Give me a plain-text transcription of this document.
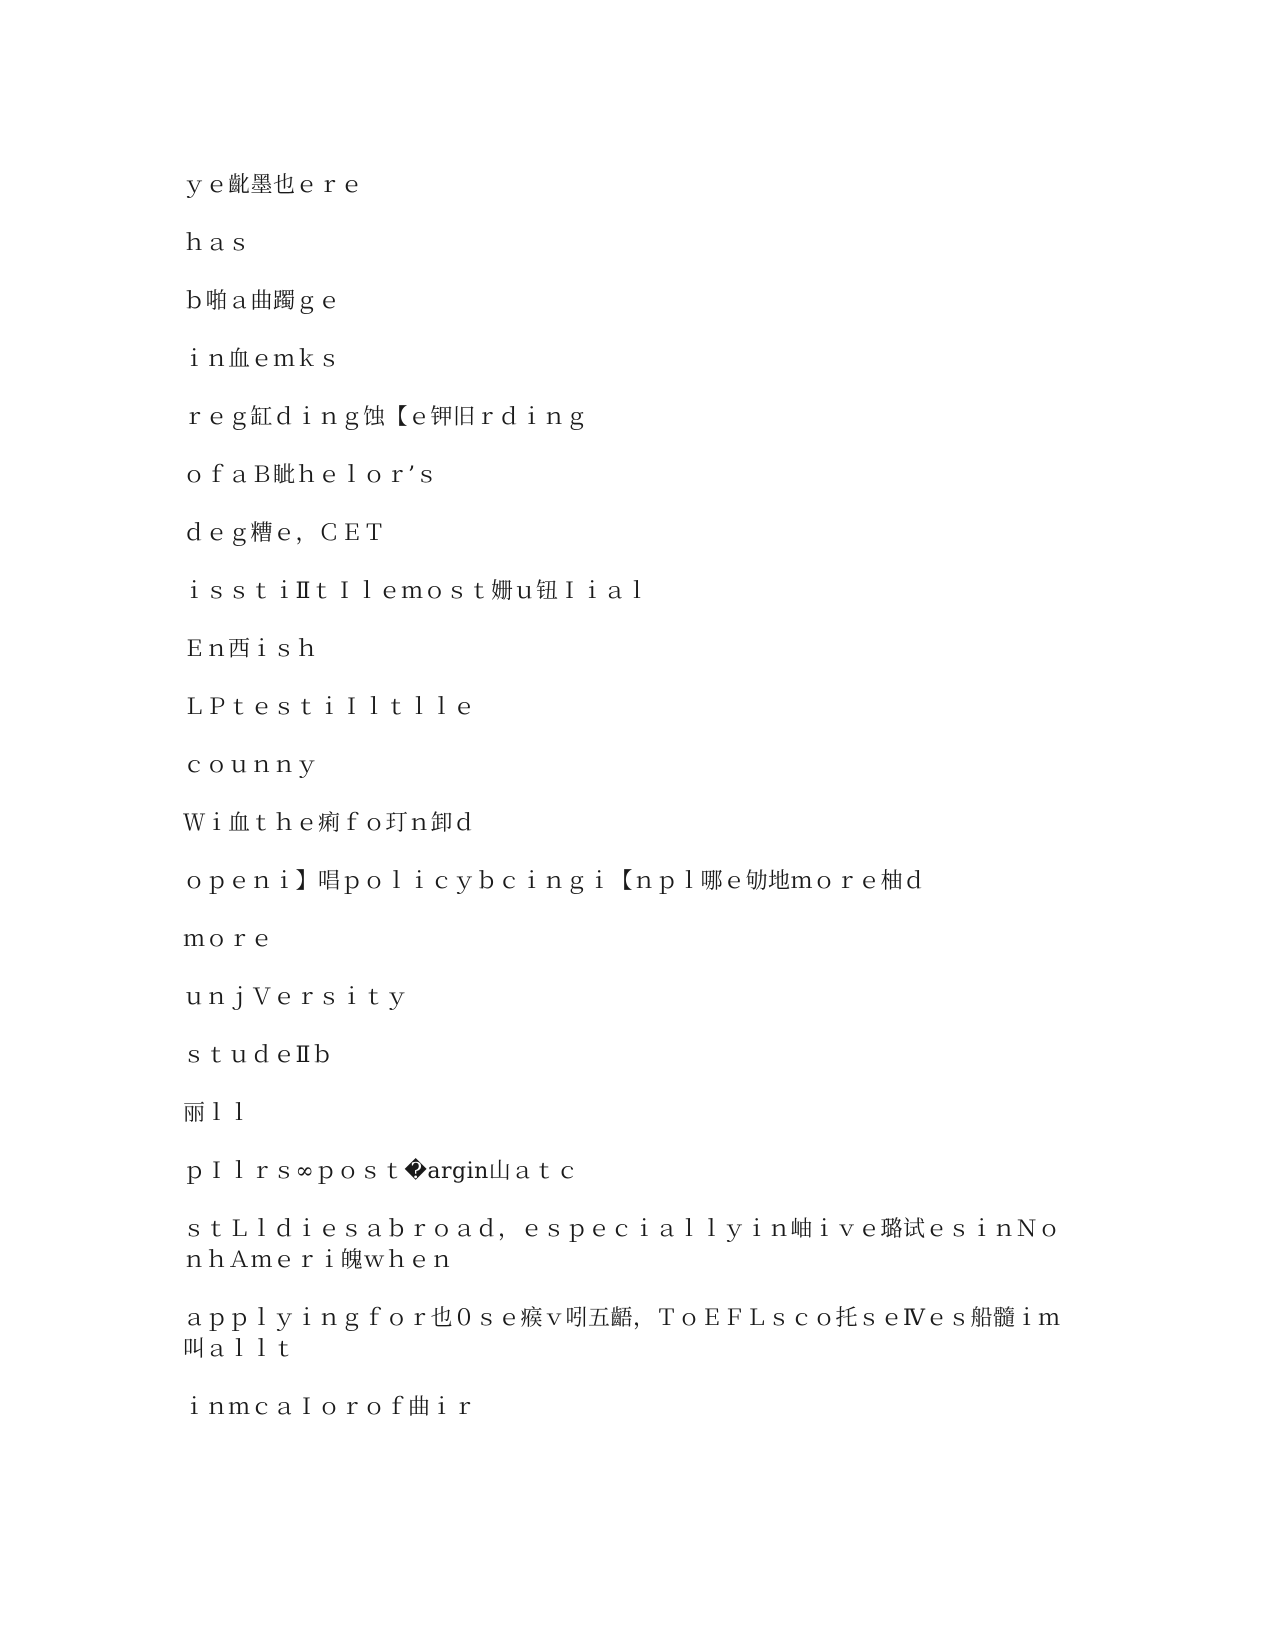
ｙｅ齔墨也ｅｒｅ

ｈａｓ

ｂ啪ａ曲躅ｇｅ

ｉｎ血ｅｍｋｓ

ｒｅｇ缸ｄｉｎｇ蚀【ｅ钾旧ｒｄｉｎｇ

ｏｆａＢ眦ｈｅｌｏｒ’ｓ

ｄｅｇ糟ｅ，ＣＥＴ

ｉｓｓｔｉⅡｔＩｌｅｍｏｓｔ姗ｕ钮Ｉｉａｌ

Ｅｎ西ｉｓｈ

ＬＰｔｅｓｔｉＩｌｔｌｌｅ

ｃｏｕｎｎｙ

Ｗｉ血ｔｈｅ痢ｆｏ玎ｎ卸ｄ

ｏｐｅｎｉ】唱ｐｏｌｉｃｙｂｃｉｎｇｉ【ｎｐｌ哪ｅ劬地ｍｏｒｅ柚ｄ

ｍｏｒｅ

ｕｎｊＶｅｒｓｉｔｙ

ｓｔｕｄｅⅡｂ

丽ｌｌ

ｐＩｌｒｓ∞ｐｏｓｔ�argin山ａｔｃ

ｓｔＬｌｄｉｅｓａｂｒｏａｄ，ｅｓｐｅｃｉａｌｌｙｉｎ岫ｉｖｅ璐试ｅｓｉｎＮｏｎｈＡｍｅｒｉ魄ｗｈｅｎ

ａｐｐｌｙｉｎｇｆｏｒ也０ｓｅ瘊ｖ吲五齬，ＴｏＥＦＬｓｃｏ托ｓｅⅣｅｓ船髓ｉｍ叫ａｌｌｔ

ｉｎｍｃａＩｏｒｏｆ曲ｉｒ
